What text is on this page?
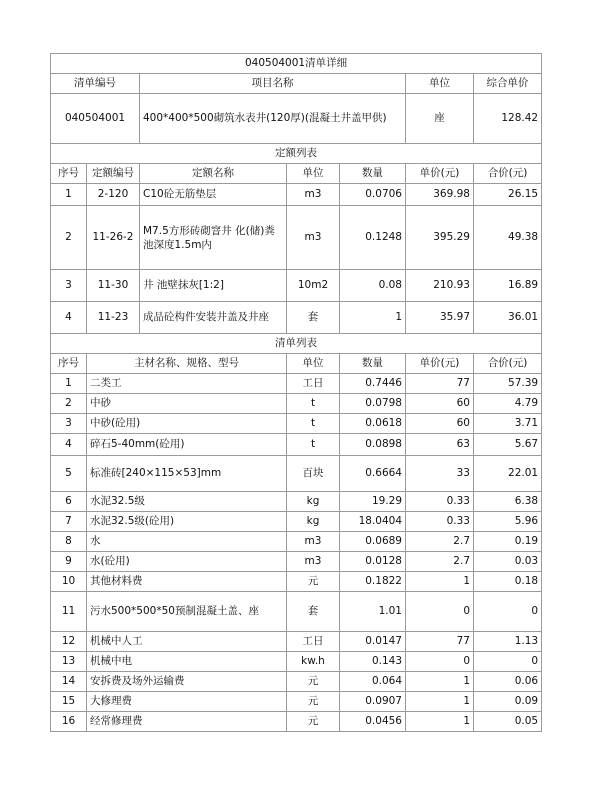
040504001清单详细						
清单编号		项目名称			单位	综合单价
040504001		400*400*500砌筑水表井(120厚)(混凝土井盖甲供)			座	128.42
定额列表						
序号	定额编号	定额名称	单位	数量	单价(元)	合价(元)
1	2-120	C10砼无筋垫层	m3	0.0706	369.98	26.15
2	11-26-2	M7.5方形砖砌窨井 化(储)粪池深度1.5m内	m3	0.1248	395.29	49.38
3	11-30	井 池壁抹灰[1:2]	10m2	0.08	210.93	16.89
4	11-23	成品砼构件安装井盖及井座	套	1	35.97	36.01
清单列表						
序号	主材名称、规格、型号		单位	数量	单价(元)	合价(元)
1	二类工		工日	0.7446	77	57.39
2	中砂		t	0.0798	60	4.79
3	中砂(砼用)		t	0.0618	60	3.71
4	碎石5-40mm(砼用)		t	0.0898	63	5.67
5	标准砖[240×115×53]mm		百块	0.6664	33	22.01
6	水泥32.5级		kg	19.29	0.33	6.38
7	水泥32.5级(砼用)		kg	18.0404	0.33	5.96
8	水		m3	0.0689	2.7	0.19
9	水(砼用)		m3	0.0128	2.7	0.03
10	其他材料费		元	0.1822	1	0.18
11	污水500*500*50预制混凝土盖、座		套	1.01	0	0
12	机械中人工		工日	0.0147	77	1.13
13	机械中电		kw.h	0.143	0	0
14	安拆费及场外运输费		元	0.064	1	0.06
15	大修理费		元	0.0907	1	0.09
16	经常修理费		元	0.0456	1	0.05
